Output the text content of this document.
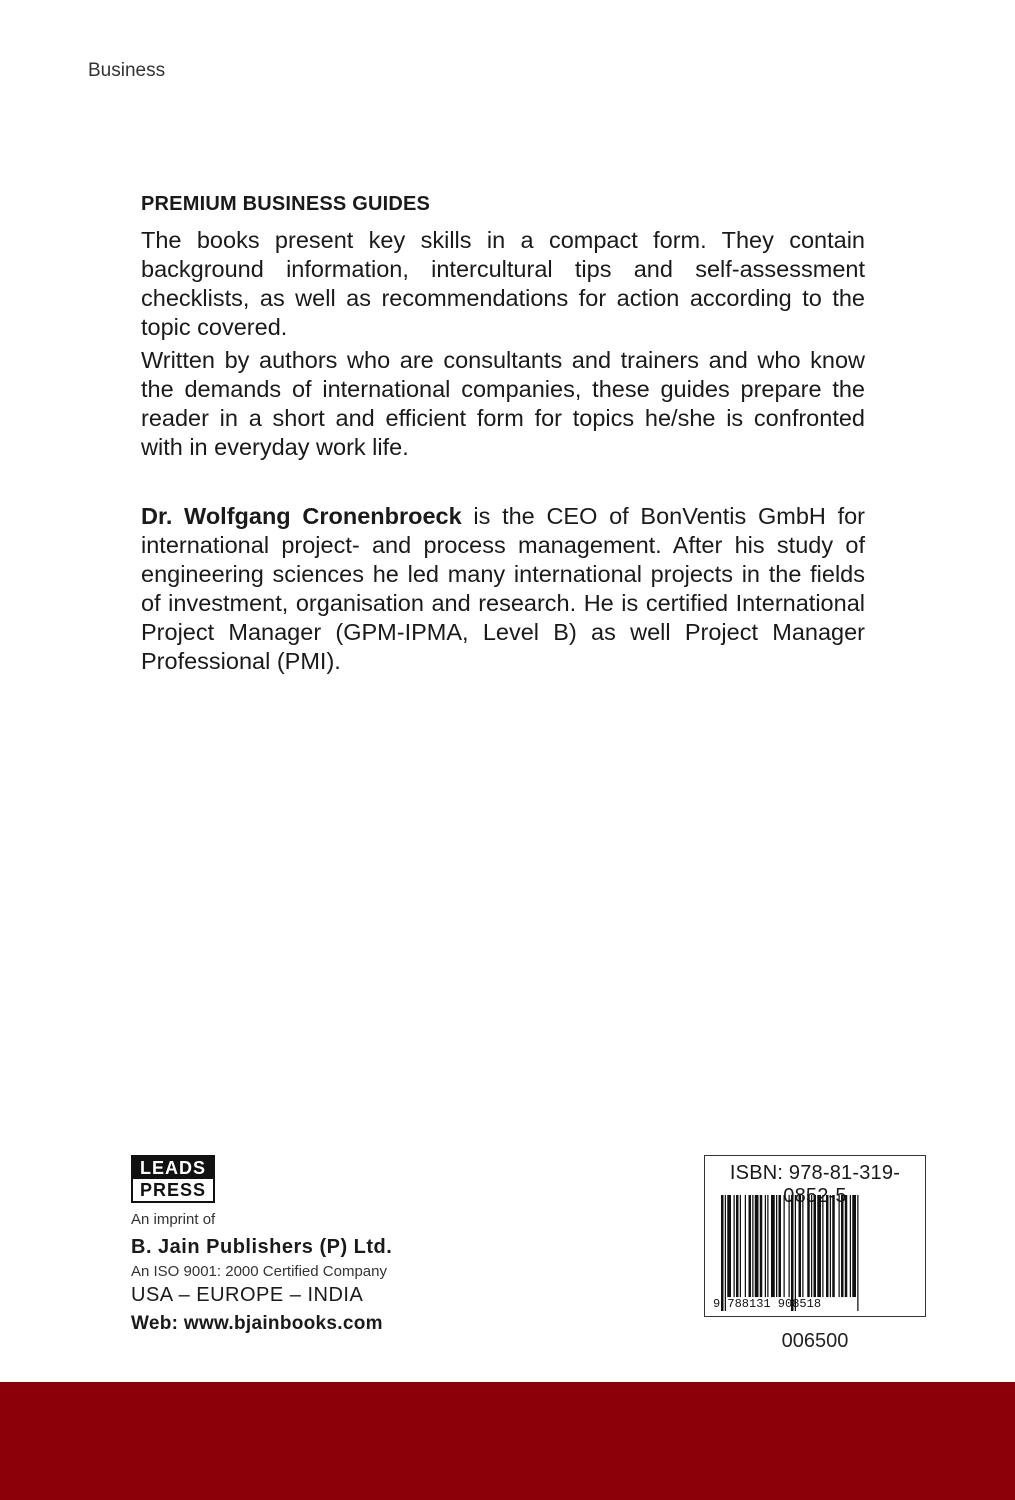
Business
PREMIUM BUSINESS GUIDES

The books present key skills in a compact form. They contain background information, intercultural tips and self-assessment checklists, as well as recommendations for action according to the topic covered.

Written by authors who are consultants and trainers and who know the demands of international companies, these guides prepare the reader in a short and efficient form for topics he/she is confronted with in everyday work life.

Dr. Wolfgang Cronenbroeck is the CEO of BonVentis GmbH for international project- and process management. After his study of engineering sciences he led many international projects in the fields of investment, organisation and research. He is certified International Project Manager (GPM-IPMA, Level B) as well Project Manager Professional (PMI).

LEADS
PRESS
An imprint of
B. Jain Publishers (P) Ltd.
An ISO 9001: 2000 Certified Company
USA – EUROPE – INDIA
Web: www.bjainbooks.com
ISBN: 978-81-319-0852-5
9 788131 908518
006500
